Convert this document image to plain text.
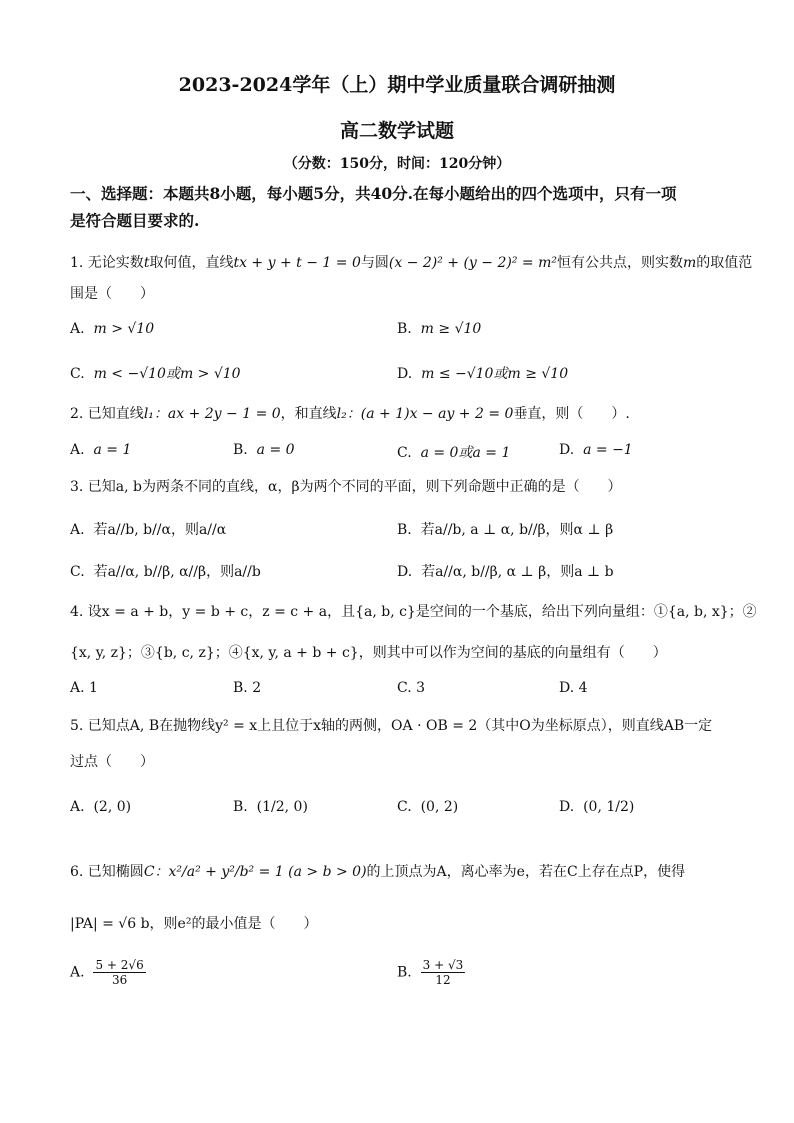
2023-2024学年（上）期中学业质量联合调研抽测
高二数学试题
（分数：150分，时间：120分钟）
一、选择题：本题共8小题，每小题5分，共40分.在每小题给出的四个选项中，只有一项
是符合题目要求的.
1. 无论实数t取何值，直线tx + y + t − 1 = 0与圆(x − 2)² + (y − 2)² = m²恒有公共点，则实数m的取值范
围是（　　）
A. m > √10	B. m ≥ √10
C. m < −√10或m > √10	D. m ≤ −√10或m ≥ √10
2. 已知直线l₁：ax + 2y − 1 = 0，和直线l₂：(a + 1)x − ay + 2 = 0垂直，则（　　）.
A. a = 1	B. a = 0	C. a = 0或a = 1	D. a = −1
3. 已知a, b为两条不同的直线，α，β为两个不同的平面，则下列命题中正确的是（　　）
A. 若a//b, b//α，则a//α	B. 若a//b, a ⊥ α, b//β，则α ⊥ β
C. 若a//α, b//β, α//β，则a//b	D. 若a//α, b//β, α ⊥ β，则a ⊥ b
4. 设x = a + b，y = b + c，z = c + a，且{a, b, c}是空间的一个基底，给出下列向量组：①{a, b, x}；②
{x, y, z}；③{b, c, z}；④{x, y, a + b + c}，则其中可以作为空间的基底的向量组有（　　）
A. 1	B. 2	C. 3	D. 4
5. 已知点A, B在抛物线y² = x上且位于x轴的两侧，OA · OB = 2（其中O为坐标原点），则直线AB一定
过点（　　）
A. (2, 0)	B. (1/2, 0)	C. (0, 2)	D. (0, 1/2)
6. 已知椭圆C：x²/a² + y²/b² = 1 (a > b > 0)的上顶点为A，离心率为e，若在C上存在点P，使得
|PA| = √6 b，则e²的最小值是（　　）
A. $\frac{5 + 2√6}{36}$	B. $\frac{3 + √3}{12}$
